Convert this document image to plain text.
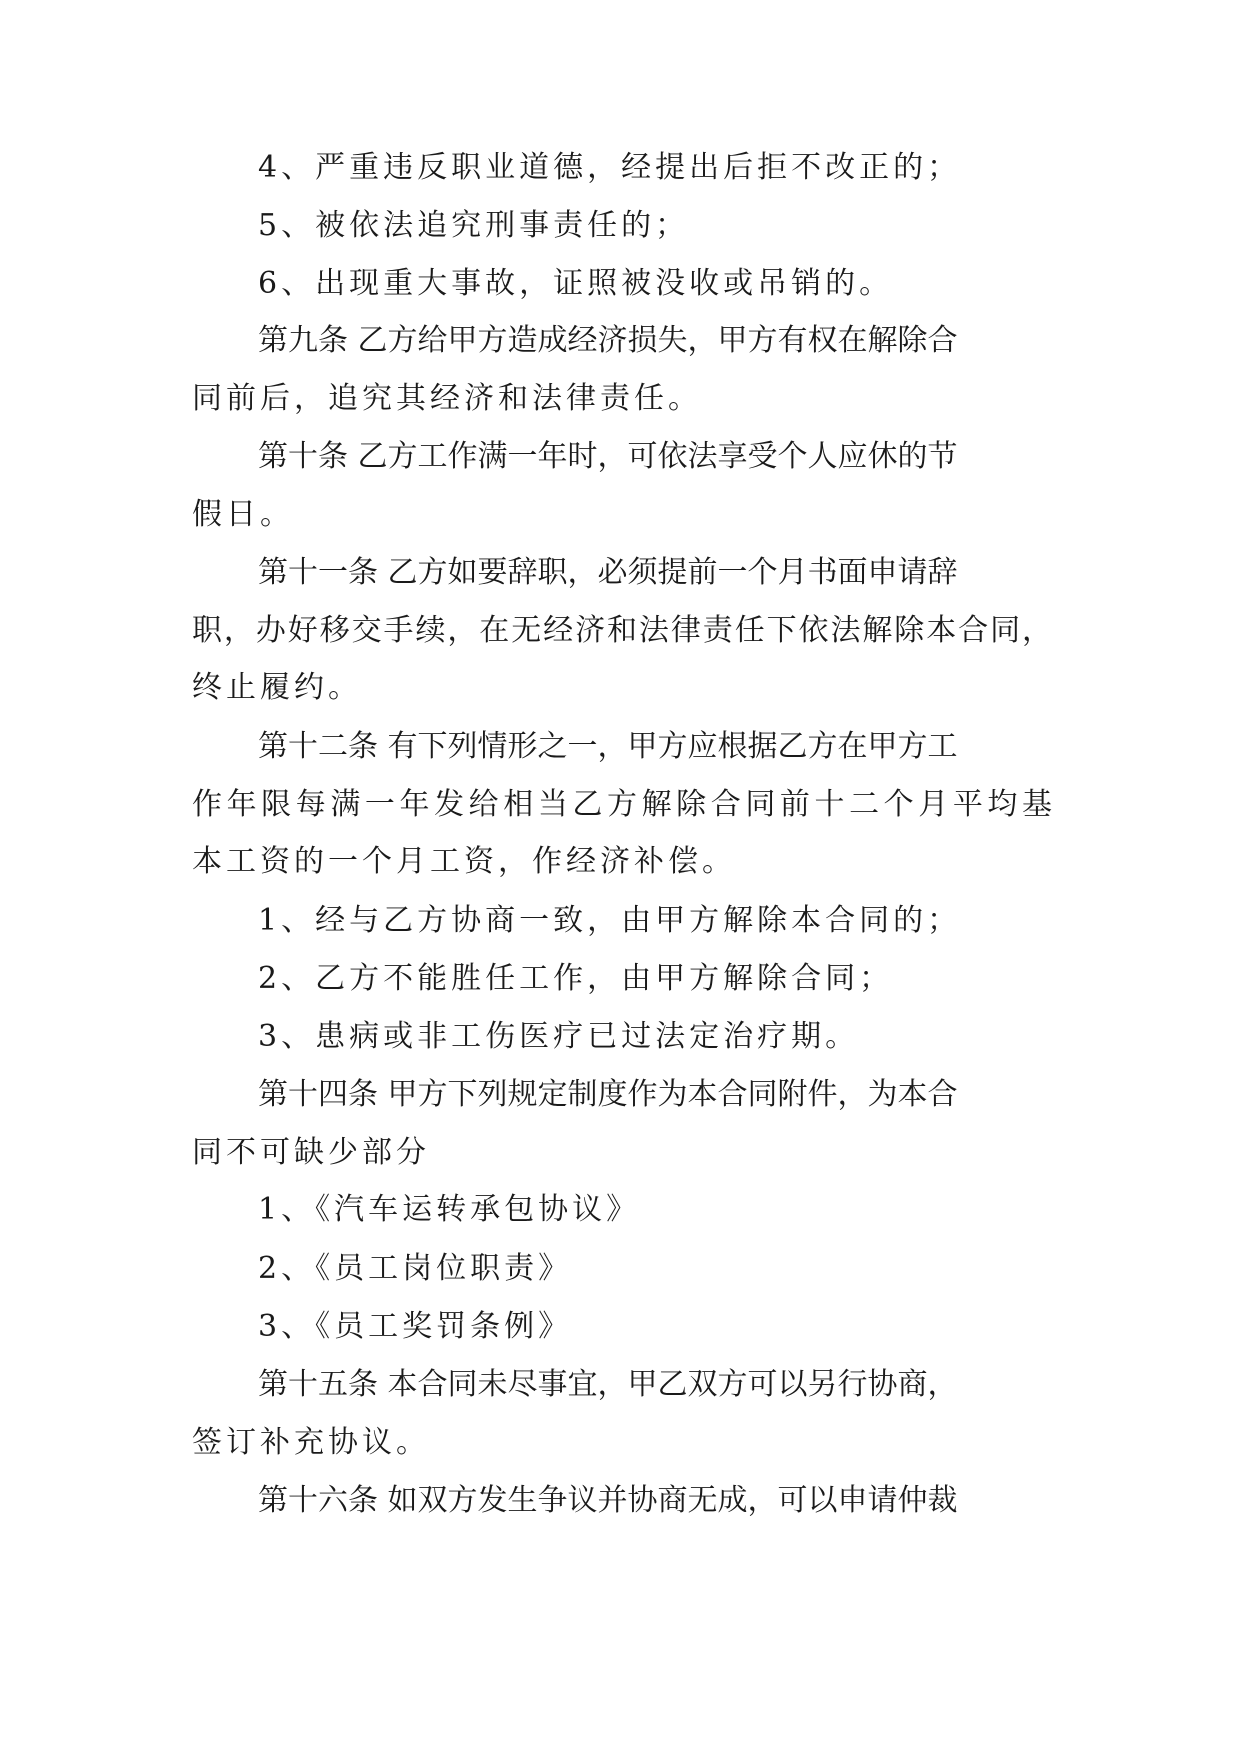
4、严重违反职业道德，经提出后拒不改正的；
5、被依法追究刑事责任的；
6、出现重大事故，证照被没收或吊销的。
第九条 乙方给甲方造成经济损失，甲方有权在解除合
同前后，追究其经济和法律责任。
第十条 乙方工作满一年时，可依法享受个人应休的节
假日。
第十一条 乙方如要辞职，必须提前一个月书面申请辞
职，办好移交手续，在无经济和法律责任下依法解除本合同，
终止履约。
第十二条 有下列情形之一，甲方应根据乙方在甲方工
作年限每满一年发给相当乙方解除合同前十二个月平均基
本工资的一个月工资，作经济补偿。
1、经与乙方协商一致，由甲方解除本合同的；
2、乙方不能胜任工作，由甲方解除合同；
3、患病或非工伤医疗已过法定治疗期。
第十四条 甲方下列规定制度作为本合同附件，为本合
同不可缺少部分
1、《汽车运转承包协议》
2、《员工岗位职责》
3、《员工奖罚条例》
第十五条 本合同未尽事宜，甲乙双方可以另行协商，
签订补充协议。
第十六条 如双方发生争议并协商无成，可以申请仲裁
